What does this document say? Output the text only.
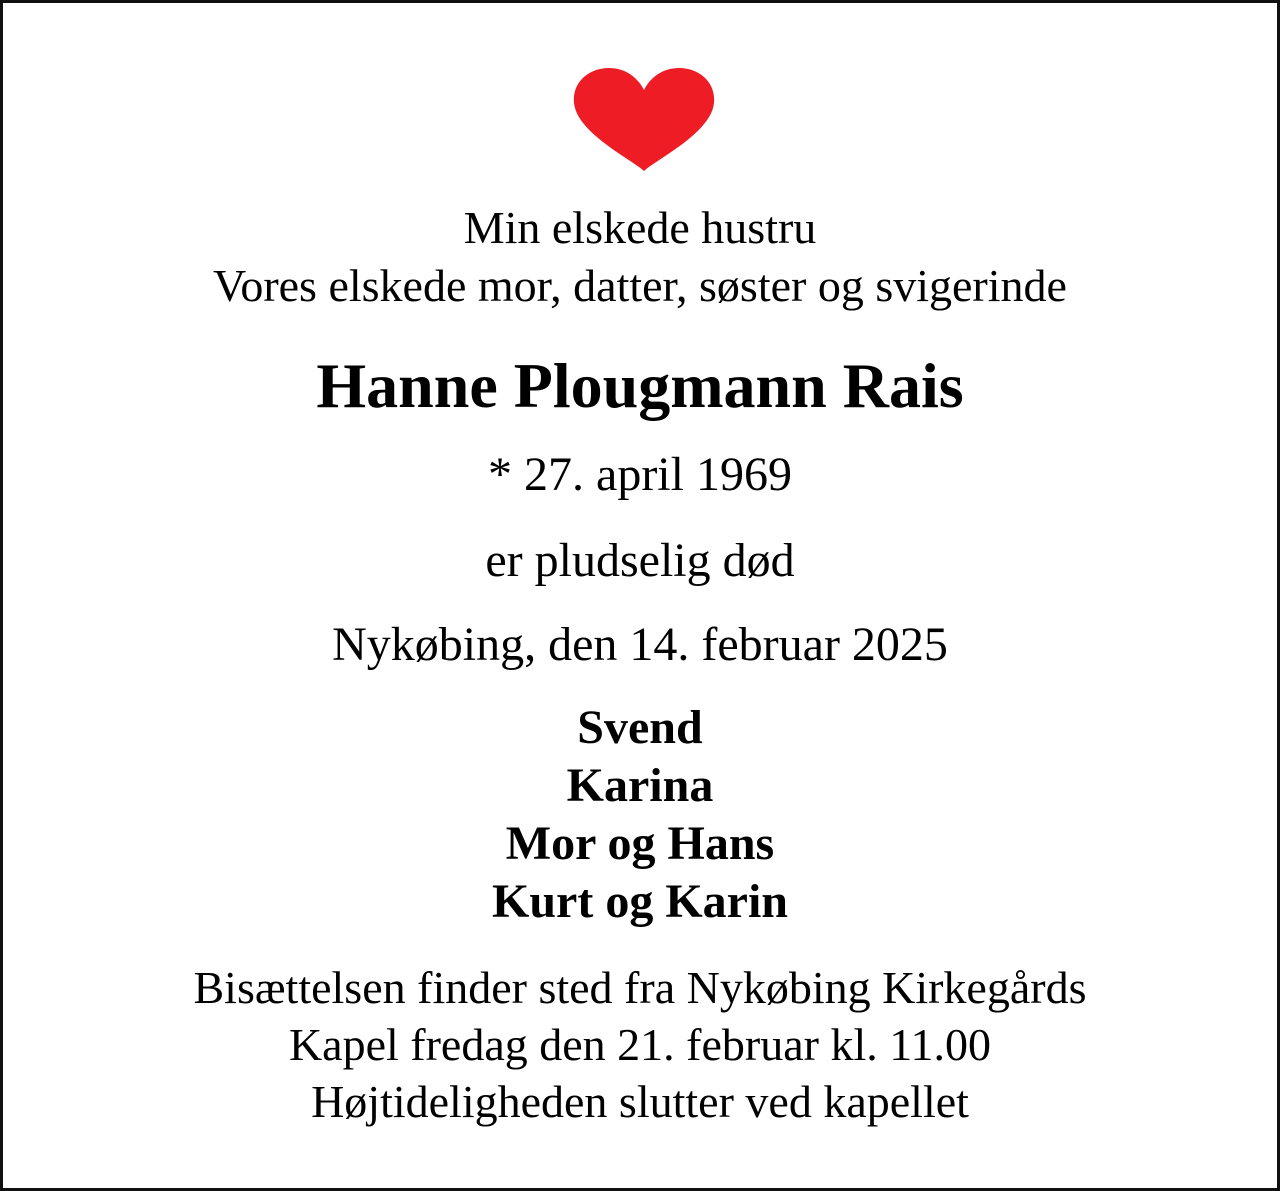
Min elskede hustru
Vores elskede mor, datter, søster og svigerinde
Hanne Plougmann Rais
* 27. april 1969
er pludselig død
Nykøbing, den 14. februar 2025
Svend
Karina
Mor og Hans
Kurt og Karin
Bisættelsen finder sted fra Nykøbing Kirkegårds
Kapel fredag den 21. februar kl. 11.00
Højtideligheden slutter ved kapellet
